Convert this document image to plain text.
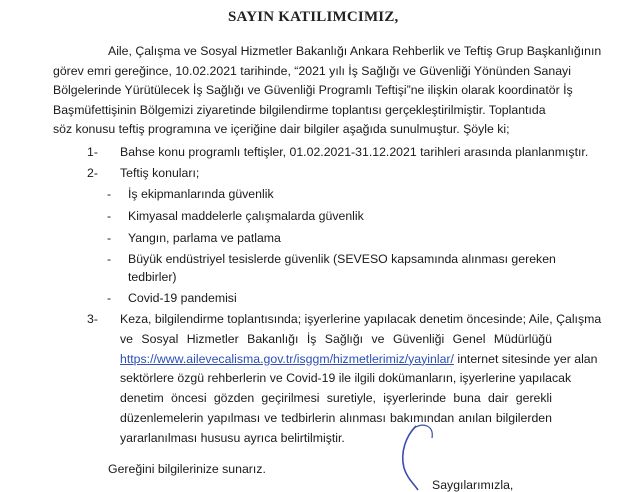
SAYIN KATILIMCIMIZ,
Aile, Çalışma ve Sosyal Hizmetler Bakanlığı Ankara Rehberlik ve Teftiş Grup Başkanlığının
görev emri gereğince, 10.02.2021 tarihinde, “2021 yılı İş Sağlığı ve Güvenliği Yönünden Sanayi
Bölgelerinde Yürütülecek İş Sağlığı ve Güvenliği Programlı Teftişi”ne ilişkin olarak koordinatör İş
Başmüfettişinin Bölgemizi ziyaretinde bilgilendirme toplantısı gerçekleştirilmiştir. Toplantıda
söz konusu teftiş programına ve içeriğine dair bilgiler aşağıda sunulmuştur. Şöyle ki;
1- Bahse konu programlı teftişler, 01.02.2021-31.12.2021 tarihleri arasında planlanmıştır.
2- Teftiş konuları;
- İş ekipmanlarında güvenlik
- Kimyasal maddelerle çalışmalarda güvenlik
- Yangın, parlama ve patlama
- Büyük endüstriyel tesislerde güvenlik (SEVESO kapsamında alınması gereken
tedbirler)
- Covid-19 pandemisi
3- Keza, bilgilendirme toplantısında; işyerlerine yapılacak denetim öncesinde; Aile, Çalışma
ve Sosyal Hizmetler Bakanlığı İş Sağlığı ve Güvenliği Genel Müdürlüğü
https://www.ailevecalisma.gov.tr/isggm/hizmetlerimiz/yayinlar/ internet sitesinde yer alan
sektörlere özgü rehberlerin ve Covid-19 ile ilgili dokümanların, işyerlerine yapılacak
denetim öncesi gözden geçirilmesi suretiyle, işyerlerinde buna dair gerekli
düzenlemelerin yapılması ve tedbirlerin alınması bakımından anılan bilgilerden
yararlanılması hususu ayrıca belirtilmiştir.
Gereğini bilgilerinize sunarız.
Saygılarımızla,
